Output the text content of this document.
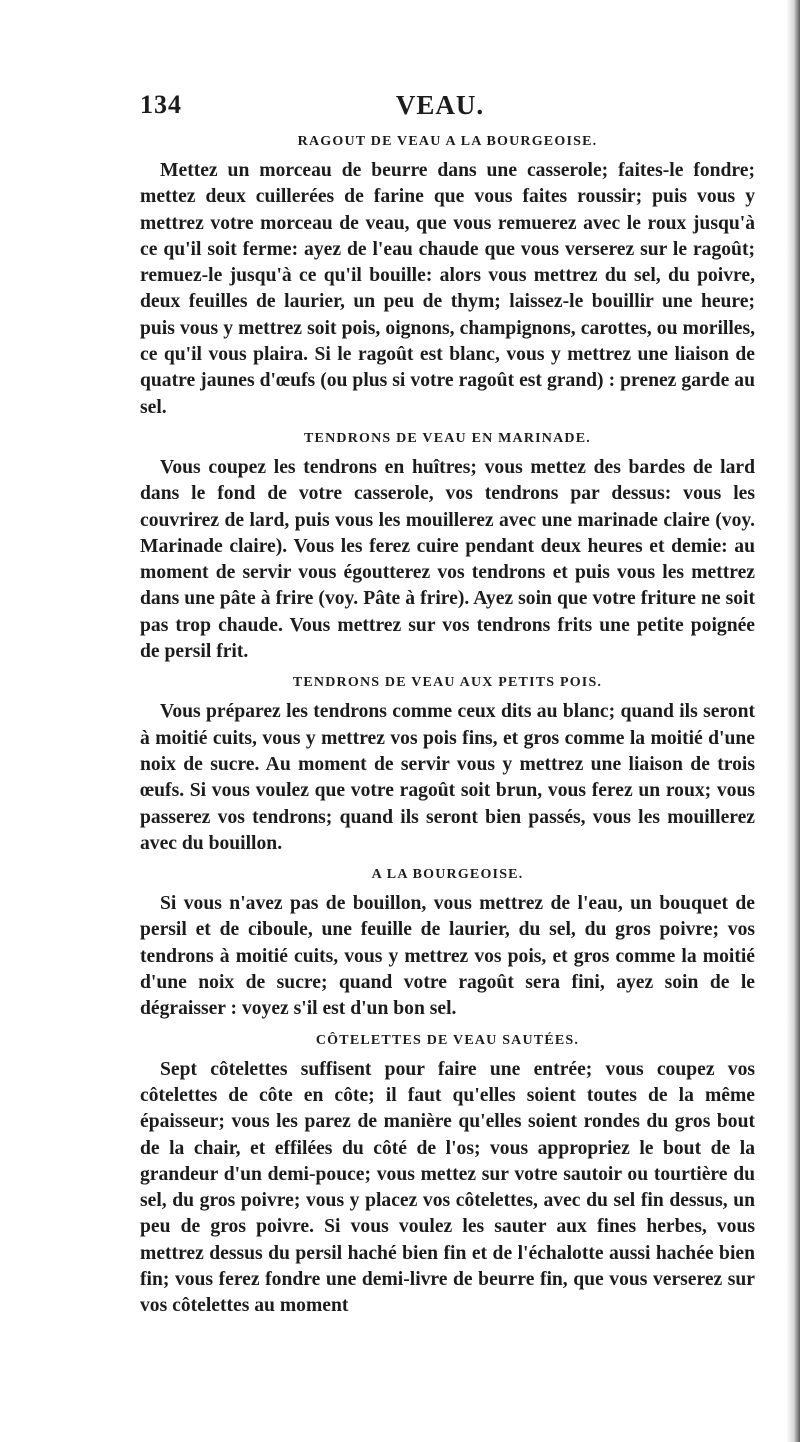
134	VEAU.
RAGOUT DE VEAU A LA BOURGEOISE.

Mettez un morceau de beurre dans une casserole; faites-le fondre; mettez deux cuillerées de farine que vous faites roussir; puis vous y mettrez votre morceau de veau, que vous remuerez avec le roux jusqu'à ce qu'il soit ferme: ayez de l'eau chaude que vous verserez sur le ragoût; remuez-le jusqu'à ce qu'il bouille: alors vous mettrez du sel, du poivre, deux feuilles de laurier, un peu de thym; laissez-le bouillir une heure; puis vous y mettrez soit pois, oignons, champignons, carottes, ou morilles, ce qu'il vous plaira. Si le ragoût est blanc, vous y mettrez une liaison de quatre jaunes d'œufs (ou plus si votre ragoût est grand) : prenez garde au sel.

TENDRONS DE VEAU EN MARINADE.

Vous coupez les tendrons en huîtres; vous mettez des bardes de lard dans le fond de votre casserole, vos tendrons par dessus: vous les couvrirez de lard, puis vous les mouillerez avec une marinade claire (voy. Marinade claire). Vous les ferez cuire pendant deux heures et demie: au moment de servir vous égoutterez vos tendrons et puis vous les mettrez dans une pâte à frire (voy. Pâte à frire). Ayez soin que votre friture ne soit pas trop chaude. Vous mettrez sur vos tendrons frits une petite poignée de persil frit.

TENDRONS DE VEAU AUX PETITS POIS.

Vous préparez les tendrons comme ceux dits au blanc; quand ils seront à moitié cuits, vous y mettrez vos pois fins, et gros comme la moitié d'une noix de sucre. Au moment de servir vous y mettrez une liaison de trois œufs. Si vous voulez que votre ragoût soit brun, vous ferez un roux; vous passerez vos tendrons; quand ils seront bien passés, vous les mouillerez avec du bouillon.

A LA BOURGEOISE.

Si vous n'avez pas de bouillon, vous mettrez de l'eau, un bouquet de persil et de ciboule, une feuille de laurier, du sel, du gros poivre; vos tendrons à moitié cuits, vous y mettrez vos pois, et gros comme la moitié d'une noix de sucre; quand votre ragoût sera fini, ayez soin de le dégraisser : voyez s'il est d'un bon sel.

CÔTELETTES DE VEAU SAUTÉES.

Sept côtelettes suffisent pour faire une entrée; vous coupez vos côtelettes de côte en côte; il faut qu'elles soient toutes de la même épaisseur; vous les parez de manière qu'elles soient rondes du gros bout de la chair, et effilées du côté de l'os; vous appropriez le bout de la grandeur d'un demi-pouce; vous mettez sur votre sautoir ou tourtière du sel, du gros poivre; vous y placez vos côtelettes, avec du sel fin dessus, un peu de gros poivre. Si vous voulez les sauter aux fines herbes, vous mettrez dessus du persil haché bien fin et de l'échalotte aussi hachée bien fin; vous ferez fondre une demi-livre de beurre fin, que vous verserez sur vos côtelettes au moment
